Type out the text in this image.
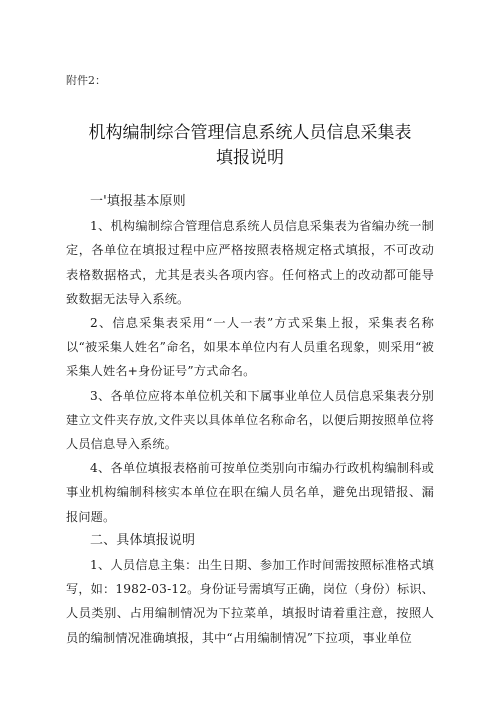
附件2：
机构编制综合管理信息系统人员信息采集表
填报说明

一'填报基本原则

1、机构编制综合管理信息系统人员信息采集表为省编办统一制定，各单位在填报过程中应严格按照表格规定格式填报，不可改动表格数据格式，尤其是表头各项内容。任何格式上的改动都可能导致数据无法导入系统。

2、信息采集表采用“一人一表”方式采集上报，采集表名称以“被采集人姓名”命名，如果本单位内有人员重名现象，则采用“被采集人姓名+身份证号”方式命名。

3、各单位应将本单位机关和下属事业单位人员信息采集表分别建立文件夹存放,文件夹以具体单位名称命名，以便后期按照单位将人员信息导入系统。

4、各单位填报表格前可按单位类别向市编办行政机构编制科或事业机构编制科核实本单位在职在编人员名单，避免出现错报、漏报问题。

二、具体填报说明

1、人员信息主集：出生日期、参加工作时间需按照标准格式填写，如：1982-03-12。身份证号需填写正确，岗位（身份）标识、人员类别、占用编制情况为下拉菜单，填报时请着重注意，按照人员的编制情况准确填报，其中“占用编制情况”下拉项，事业单位
